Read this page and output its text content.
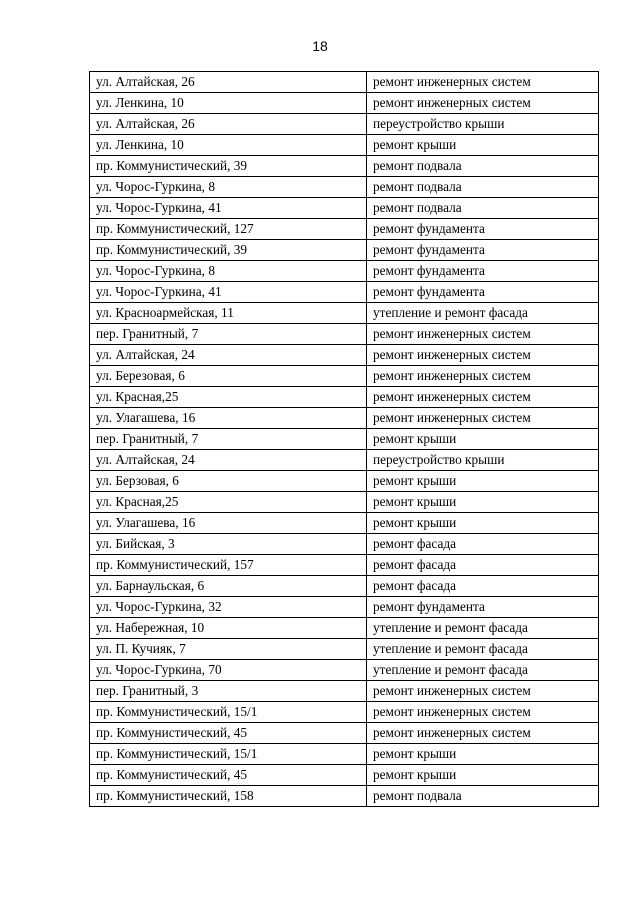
18
ул. Алтайская, 26	ремонт инженерных систем
ул. Ленкина, 10	ремонт инженерных систем
ул. Алтайская, 26	переустройство крыши
ул. Ленкина, 10	ремонт крыши
пр. Коммунистический, 39	ремонт подвала
ул. Чорос-Гуркина, 8	ремонт подвала
ул. Чорос-Гуркина, 41	ремонт подвала
пр. Коммунистический, 127	ремонт фундамента
пр. Коммунистический, 39	ремонт фундамента
ул. Чорос-Гуркина, 8	ремонт фундамента
ул. Чорос-Гуркина, 41	ремонт фундамента
ул. Красноармейская, 11	утепление и ремонт фасада
пер. Гранитный, 7	ремонт инженерных систем
ул. Алтайская, 24	ремонт инженерных систем
ул. Березовая, 6	ремонт инженерных систем
ул. Красная,25	ремонт инженерных систем
ул. Улагашева, 16	ремонт инженерных систем
пер. Гранитный, 7	ремонт крыши
ул. Алтайская, 24	переустройство крыши
ул. Берзовая, 6	ремонт крыши
ул. Красная,25	ремонт крыши
ул. Улагашева, 16	ремонт крыши
ул. Бийская, 3	ремонт фасада
пр. Коммунистический, 157	ремонт фасада
ул. Барнаульская, 6	ремонт фасада
ул. Чорос-Гуркина, 32	ремонт фундамента
ул. Набережная, 10	утепление и ремонт фасада
ул. П. Кучияк, 7	утепление и ремонт фасада
ул. Чорос-Гуркина, 70	утепление и ремонт фасада
пер. Гранитный, 3	ремонт инженерных систем
пр. Коммунистический, 15/1	ремонт инженерных систем
пр. Коммунистический, 45	ремонт инженерных систем
пр. Коммунистический, 15/1	ремонт крыши
пр. Коммунистический, 45	ремонт крыши
пр. Коммунистический, 158	ремонт подвала
